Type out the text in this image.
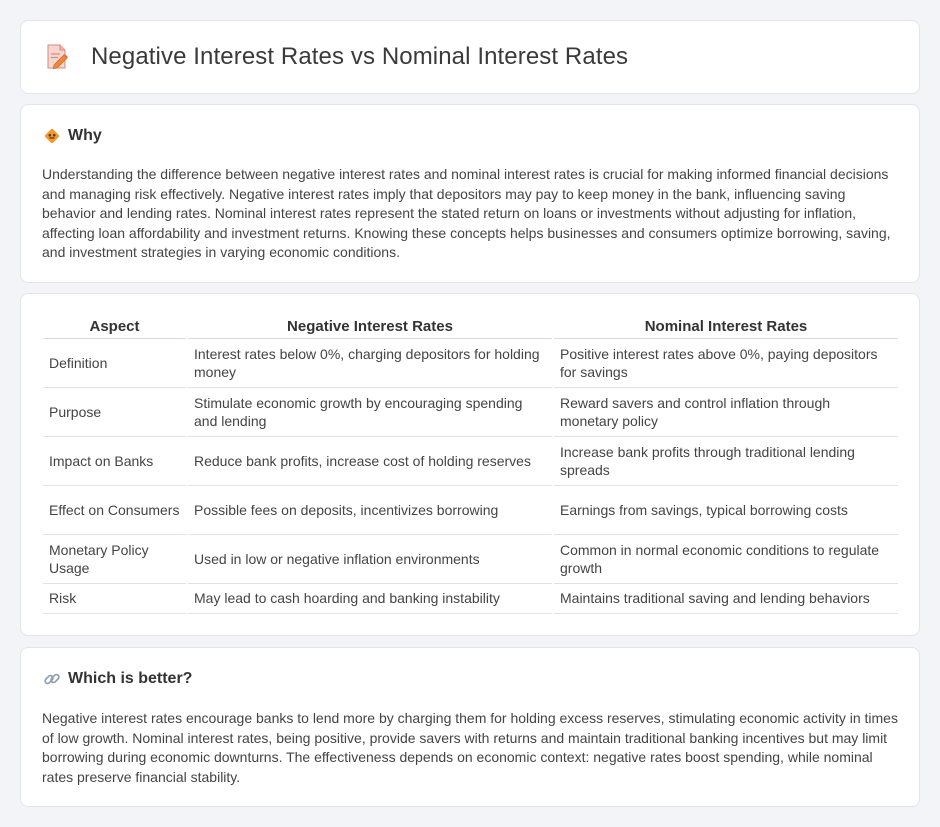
Negative Interest Rates vs Nominal Interest Rates
Why

Understanding the difference between negative interest rates and nominal interest rates is crucial for making informed financial decisions and managing risk effectively. Negative interest rates imply that depositors may pay to keep money in the bank, influencing saving behavior and lending rates. Nominal interest rates represent the stated return on loans or investments without adjusting for inflation, affecting loan affordability and investment returns. Knowing these concepts helps businesses and consumers optimize borrowing, saving, and investment strategies in varying economic conditions.

Aspect	Negative Interest Rates	Nominal Interest Rates
Definition	Interest rates below 0%, charging depositors for holding money	Positive interest rates above 0%, paying depositors for savings
Purpose	Stimulate economic growth by encouraging spending and lending	Reward savers and control inflation through monetary policy
Impact on Banks	Reduce bank profits, increase cost of holding reserves	Increase bank profits through traditional lending spreads
Effect on Consumers	Possible fees on deposits, incentivizes borrowing	Earnings from savings, typical borrowing costs
Monetary Policy Usage	Used in low or negative inflation environments	Common in normal economic conditions to regulate growth
Risk	May lead to cash hoarding and banking instability	Maintains traditional saving and lending behaviors
Which is better?

Negative interest rates encourage banks to lend more by charging them for holding excess reserves, stimulating economic activity in times of low growth. Nominal interest rates, being positive, provide savers with returns and maintain traditional banking incentives but may limit borrowing during economic downturns. The effectiveness depends on economic context: negative rates boost spending, while nominal rates preserve financial stability.
